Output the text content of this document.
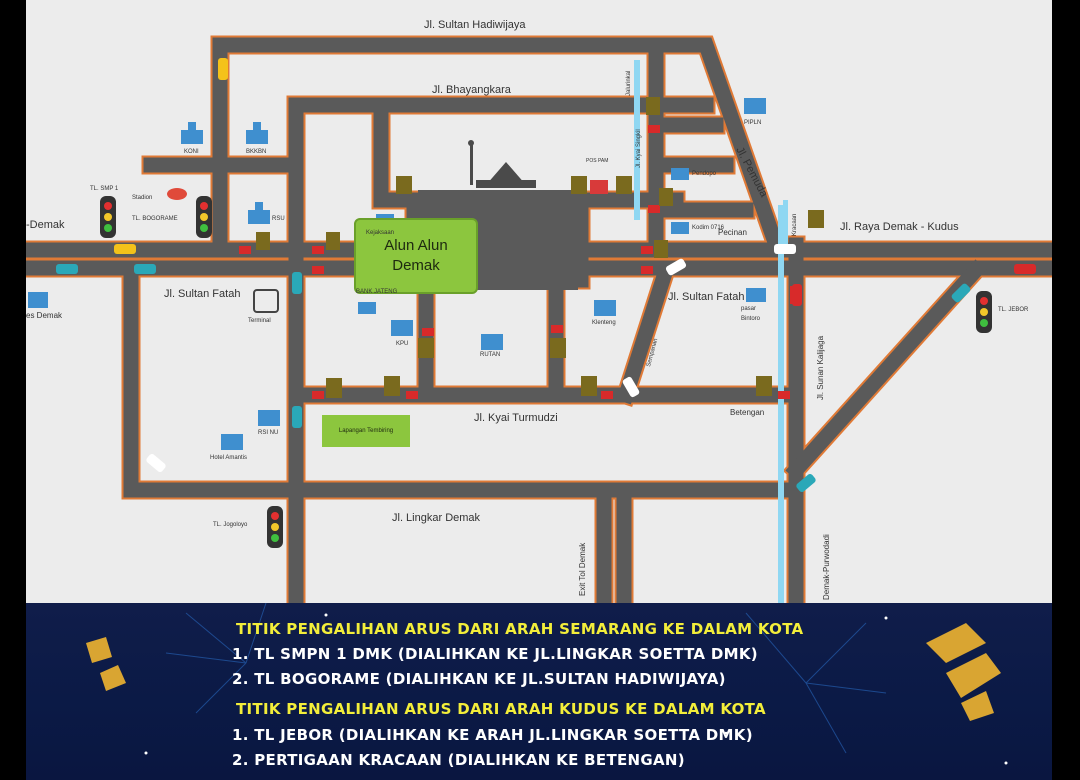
Alun Alun
Demak
Lapangan Tembiring
Jl. Sultan Hadiwijaya
Jl. Bhayangkara
-Demak	Jl. Raya Demak - Kudus
Jl. Sultan Fatah	Jl. Sultan Fatah
Jl. Kyai Turmudzi
Jl. Lingkar Demak
Pecinan
Betengan
Jl. Pemuda
Jl. Sunan Kalijaga
Exit Tol Demak	Demak-Purwodadi
Sempanan
Jl. Kyai Singkil
Jalurinkal
Kracaan
KONI	BKKBN
RSU
Stadion
Kejaksaan
Pendopo
Kodim 0716
PIPLN
Terminal
BANK JATENG
KPU
RUTAN
Klenteng
pasar
Bintoro
RSI NU
Hotel Amantis
es Demak
POS PAM
TL. SMP 1
TL. BOGORAME
TL. JEBOR
TL. Jogoloyo
TITIK PENGALIHAN ARUS DARI ARAH SEMARANG KE DALAM KOTA
1. TL SMPN 1 DMK (DIALIHKAN KE JL.LINGKAR SOETTA DMK)
2. TL BOGORAME (DIALIHKAN KE JL.SULTAN HADIWIJAYA)
TITIK PENGALIHAN ARUS DARI ARAH KUDUS KE DALAM KOTA
1. TL JEBOR (DIALIHKAN KE ARAH JL.LINGKAR SOETTA DMK)
2. PERTIGAAN KRACAAN (DIALIHKAN KE BETENGAN)
